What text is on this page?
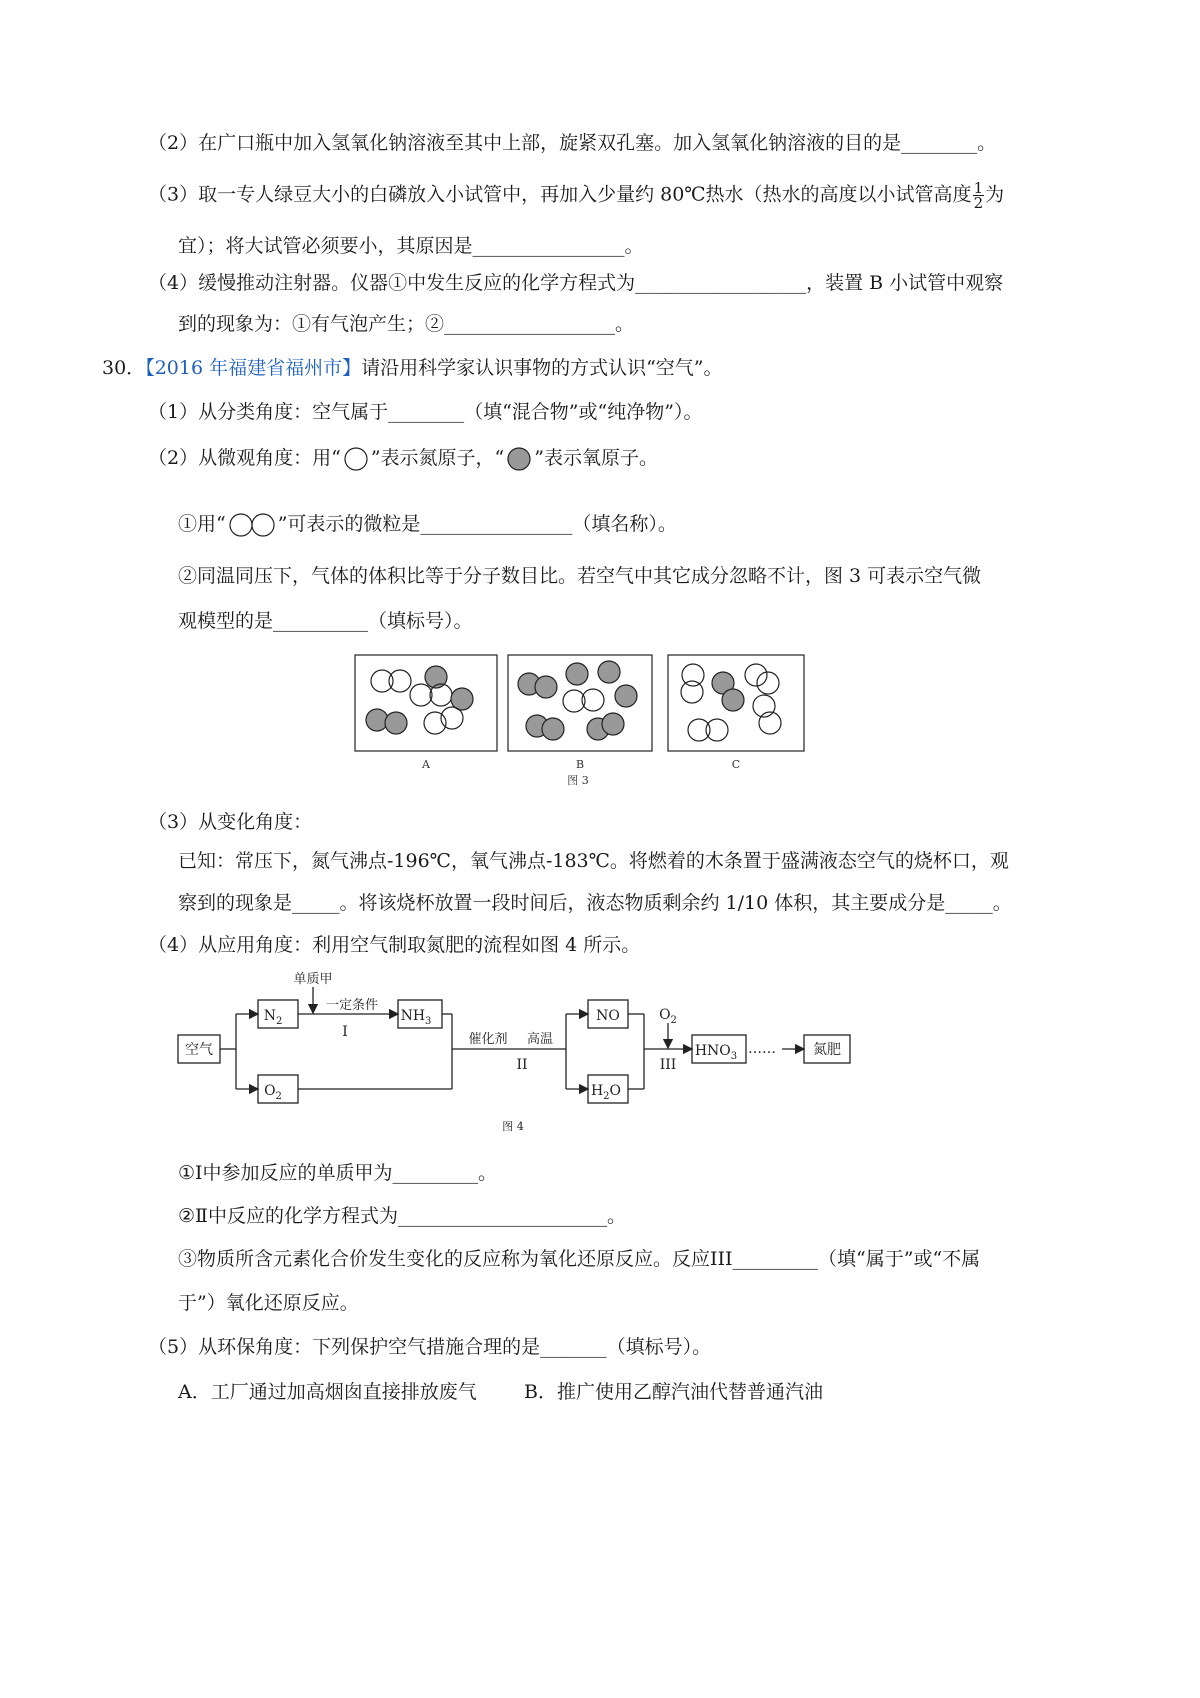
（2）在广口瓶中加入氢氧化钠溶液至其中上部，旋紧双孔塞。加入氢氧化钠溶液的目的是________。
（3）取一专人绿豆大小的白磷放入小试管中，再加入少量约 80℃热水（热水的高度以小试管高度 $\frac{1}{2}$ 为
宜）；将大试管必须要小，其原因是________________。
（4）缓慢推动注射器。仪器①中发生反应的化学方程式为__________________，装置 B 小试管中观察
到的现象为：①有气泡产生；②__________________。
30．【2016 年福建省福州市】请沿用科学家认识事物的方式认识“空气”。
（1）从分类角度：空气属于________（填“混合物”或“纯净物”）。
（2）从微观角度：用“ ”表示氮原子，“ ”表示氧原子。
①用“	”可表示的微粒是________________（填名称）。
②同温同压下，气体的体积比等于分子数目比。若空气中其它成分忽略不计，图 3 可表示空气微
观模型的是__________（填标号）。
A	B	C
图 3
（3）从变化角度：
已知：常压下，氮气沸点-196℃，氧气沸点-183℃。将燃着的木条置于盛满液态空气的烧杯口，观
察到的现象是_____。将该烧杯放置一段时间后，液态物质剩余约 1/10 体积，其主要成分是_____。
（4）从应用角度：利用空气制取氮肥的流程如图 4 所示。
空气
$N_2$
$O_2$
$NH_3$	NO
$H_2O$
$HNO_3$ ……	氮肥
单质甲
一定条件
I	催化剂 高温
II
$O_2$
III
图 4
①Ⅰ中参加反应的单质甲为_________。
②Ⅱ中反应的化学方程式为______________________。
③物质所含元素化合价发生变化的反应称为氧化还原反应。反应III_________（填“属于”或“不属
于”）氧化还原反应。
（5）从环保角度：下列保护空气措施合理的是_______（填标号）。
A．工厂通过加高烟囱直接排放废气 B．推广使用乙醇汽油代替普通汽油
